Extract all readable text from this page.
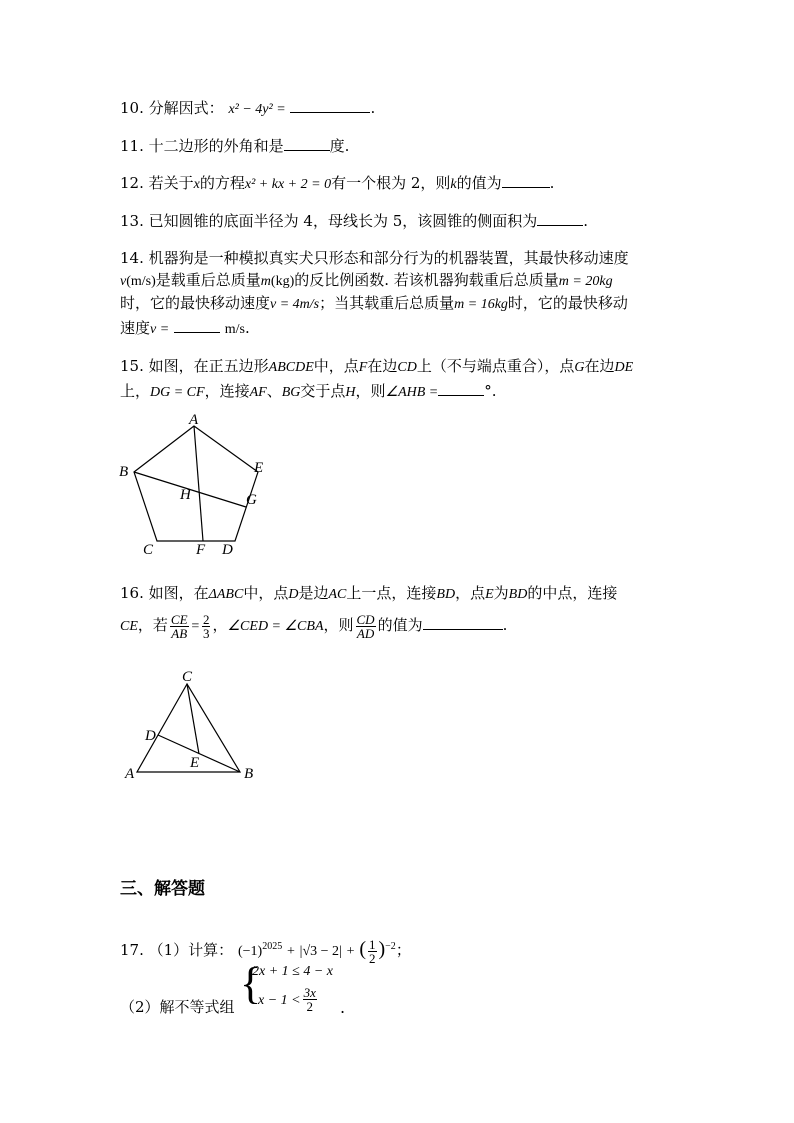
10. 分解因式： x² − 4y² =	.
11. 十二边形的外角和是	度.
12. 若关于x的方程x² + kx + 2 = 0有一个根为 2，则k的值为	.
13. 已知圆锥的底面半径为 4，母线长为 5，该圆锥的侧面积为	.
14. 机器狗是一种模拟真实犬只形态和部分行为的机器装置，其最快移动速度
v(m/s)是载重后总质量m(kg)的反比例函数. 若该机器狗载重后总质量m = 20kg
时，它的最快移动速度v = 4m/s；当其载重后总质量m = 16kg时，它的最快移动
速度v =	m/s.
15. 如图，在正五边形ABCDE中，点F在边CD上（不与端点重合），点G在边DE
上，DG = CF，连接AF、BG交于点H，则∠AHB =	°.
A
B
C	D
E
F
G
H
16. 如图，在ΔABC中，点D是边AC上一点，连接BD，点E为BD的中点，连接
CE，若 $\frac{CE}{AB} = \frac{2}{3}$ ，∠CED = ∠CBA，则 $\frac{CD}{AD}$ 的值为	.
C
A	B
D
E
三、解答题
17. （1）计算： $(-1)^{2025} + |√3 - 2|$ + ( $\frac{1}{2} )^{-2}$；
（2）解不等式组 {
2x + 1 ≤ 4 − x
$x - 1 < \frac{3x}{2}$ .
